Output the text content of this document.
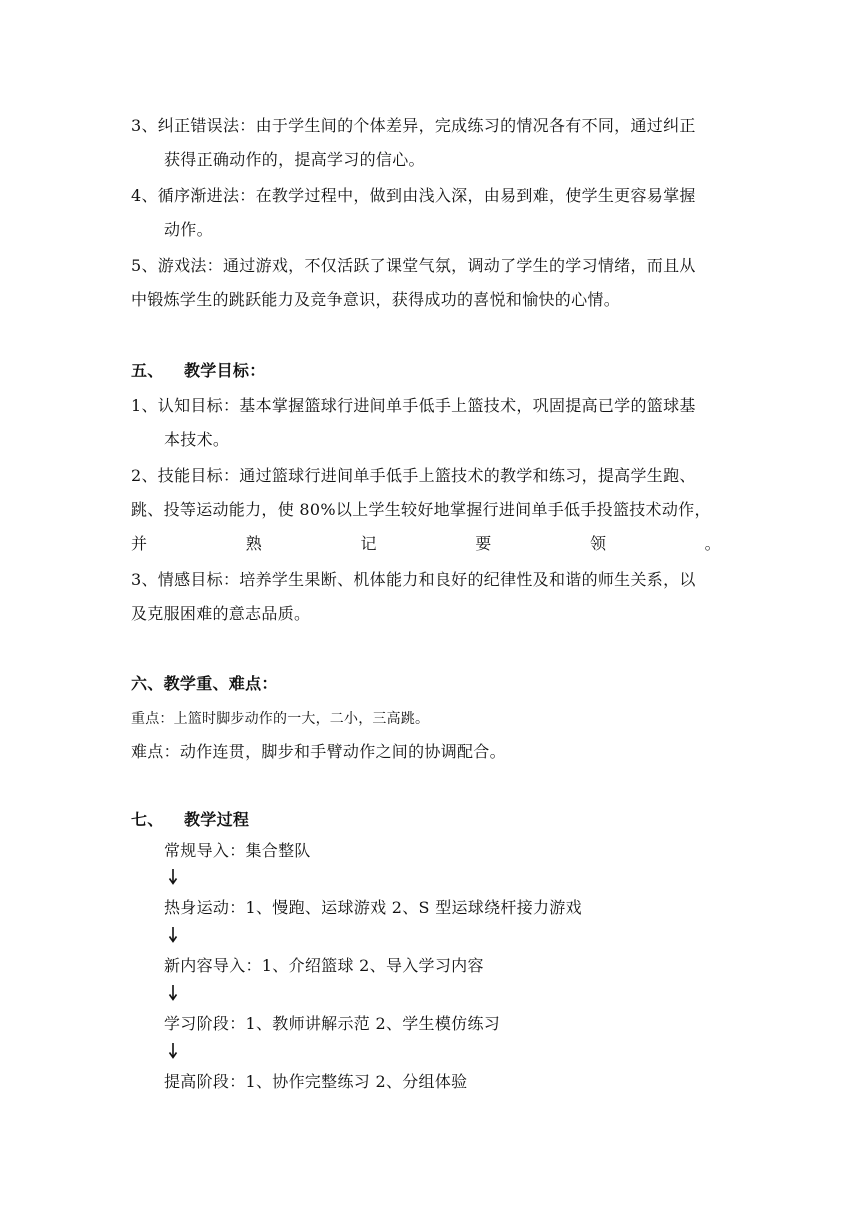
3、纠正错误法：由于学生间的个体差异，完成练习的情况各有不同，通过纠正
获得正确动作的，提高学习的信心。
4、循序渐进法：在教学过程中，做到由浅入深，由易到难，使学生更容易掌握
动作。
5、游戏法：通过游戏，不仅活跃了课堂气氛，调动了学生的学习情绪，而且从
中锻炼学生的跳跃能力及竞争意识，获得成功的喜悦和愉快的心情。
五、 教学目标：
1、认知目标：基本掌握篮球行进间单手低手上篮技术，巩固提高已学的篮球基
本技术。
2、技能目标：通过篮球行进间单手低手上篮技术的教学和练习，提高学生跑、
跳、投等运动能力，使 80%以上学生较好地掌握行进间单手低手投篮技术动作，
并	熟	记	要	领	。
3、情感目标：培养学生果断、机体能力和良好的纪律性及和谐的师生关系，以
及克服困难的意志品质。
六、教学重、难点：
重点：上篮时脚步动作的一大，二小，三高跳。
难点：动作连贯，脚步和手臂动作之间的协调配合。
七、 教学过程
常规导入：集合整队
热身运动：1、慢跑、运球游戏 2、S 型运球绕杆接力游戏
新内容导入：1、介绍篮球 2、导入学习内容
学习阶段：1、教师讲解示范 2、学生模仿练习
提高阶段：1、协作完整练习 2、分组体验
